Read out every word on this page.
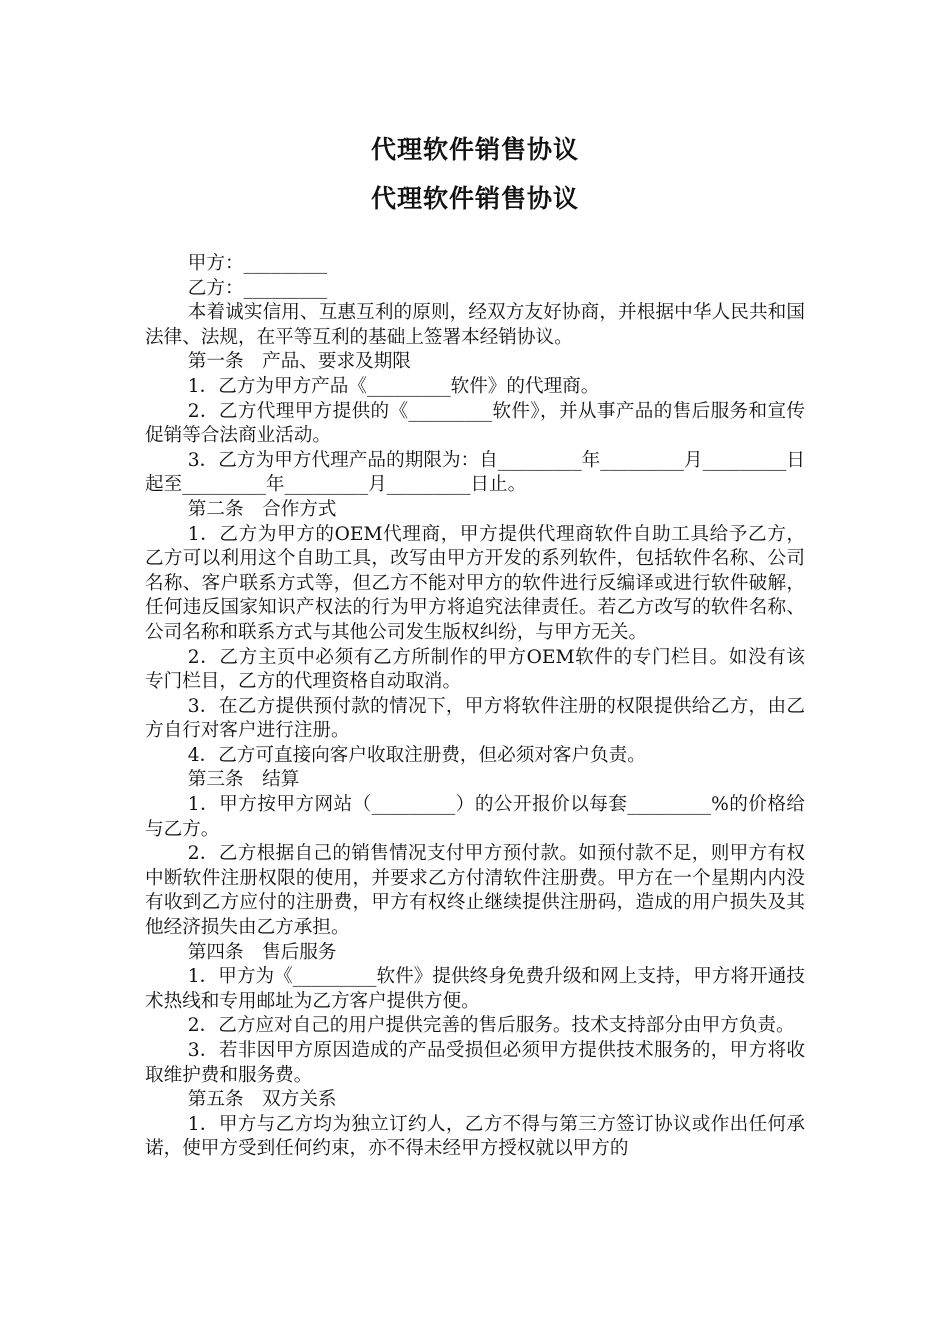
代理软件销售协议
代理软件销售协议

甲方：_________

乙方：_________

本着诚实信用、互惠互利的原则，经双方友好协商，并根据中华人民共和国法律、法规，在平等互利的基础上签署本经销协议。

第一条　产品、要求及期限

1．乙方为甲方产品《_________软件》的代理商。

2．乙方代理甲方提供的《_________软件》，并从事产品的售后服务和宣传促销等合法商业活动。

3．乙方为甲方代理产品的期限为：自_________年_________月_________日起至_________年_________月_________日止。

第二条　合作方式

1．乙方为甲方的OEM代理商，甲方提供代理商软件自助工具给予乙方，乙方可以利用这个自助工具，改写由甲方开发的系列软件，包括软件名称、公司名称、客户联系方式等，但乙方不能对甲方的软件进行反编译或进行软件破解，任何违反国家知识产权法的行为甲方将追究法律责任。若乙方改写的软件名称、公司名称和联系方式与其他公司发生版权纠纷，与甲方无关。

2．乙方主页中必须有乙方所制作的甲方OEM软件的专门栏目。如没有该专门栏目，乙方的代理资格自动取消。

3．在乙方提供预付款的情况下，甲方将软件注册的权限提供给乙方，由乙方自行对客户进行注册。

4．乙方可直接向客户收取注册费，但必须对客户负责。

第三条　结算

1．甲方按甲方网站（_________）的公开报价以每套_________%的价格给与乙方。

2．乙方根据自己的销售情况支付甲方预付款。如预付款不足，则甲方有权中断软件注册权限的使用，并要求乙方付清软件注册费。甲方在一个星期内内没有收到乙方应付的注册费，甲方有权终止继续提供注册码，造成的用户损失及其他经济损失由乙方承担。

第四条　售后服务

1．甲方为《_________软件》提供终身免费升级和网上支持，甲方将开通技术热线和专用邮址为乙方客户提供方便。

2．乙方应对自己的用户提供完善的售后服务。技术支持部分由甲方负责。

3．若非因甲方原因造成的产品受损但必须甲方提供技术服务的，甲方将收取维护费和服务费。

第五条　双方关系

1．甲方与乙方均为独立订约人，乙方不得与第三方签订协议或作出任何承诺，使甲方受到任何约束，亦不得未经甲方授权就以甲方的
